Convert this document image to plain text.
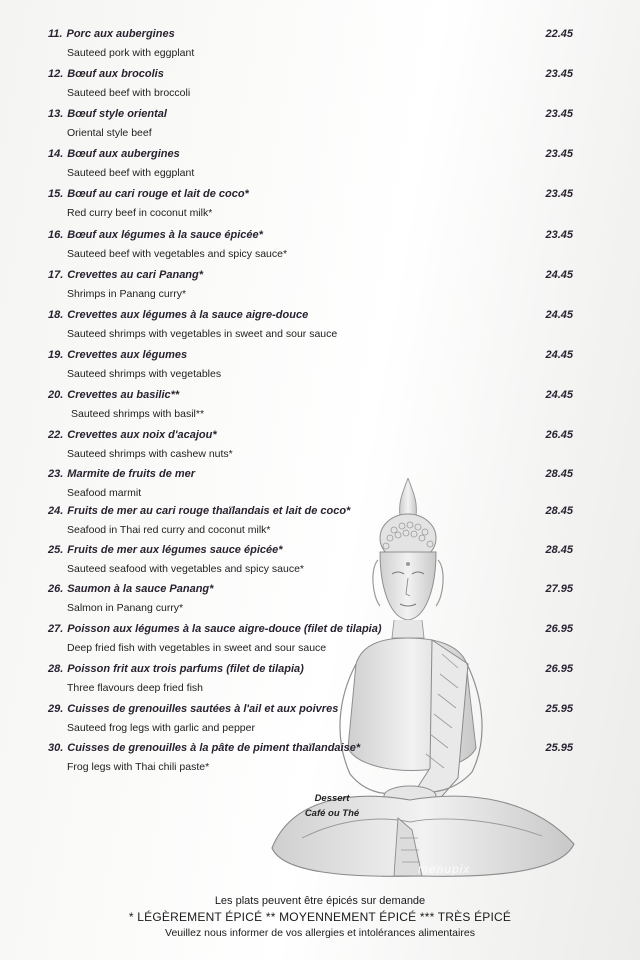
11. Porc aux aubergines
Sauteed pork with eggplant
22.45
12. Bœuf aux brocolis
Sauteed beef with broccoli
23.45
13. Bœuf style oriental
Oriental style beef
23.45
14. Bœuf aux aubergines
Sauteed beef with eggplant
23.45
15. Bœuf au cari rouge et lait de coco*
Red curry beef in coconut milk*
23.45
16. Bœuf aux légumes à la sauce épicée*
Sauteed beef with vegetables and spicy sauce*
23.45
17. Crevettes au cari Panang*
Shrimps in Panang curry*
24.45
18. Crevettes aux légumes à la sauce aigre-douce
Sauteed shrimps with vegetables in sweet and sour sauce
24.45
19. Crevettes aux légumes
Sauteed shrimps with vegetables
24.45
20. Crevettes au basilic**
Sauteed shrimps with basil**
24.45
22. Crevettes aux noix d'acajou*
Sauteed shrimps with cashew nuts*
26.45
23. Marmite de fruits de mer
Seafood marmit
28.45
24. Fruits de mer au cari rouge thaïlandais et lait de coco*
Seafood in Thai red curry and coconut milk*
28.45
25. Fruits de mer aux légumes sauce épicée*
Sauteed seafood with vegetables and spicy sauce*
28.45
26. Saumon à la sauce Panang*
Salmon in Panang curry*
27.95
27. Poisson aux légumes à la sauce aigre-douce (filet de tilapia)
Deep fried fish with vegetables in sweet and sour sauce
26.95
28. Poisson frit aux trois parfums (filet de tilapia)
Three flavours deep fried fish
26.95
29. Cuisses de grenouilles sautées à l'ail et aux poivres
Sauteed frog legs with garlic and pepper
25.95
30. Cuisses de grenouilles à la pâte de piment thaïlandaise*
Frog legs with Thai chili paste*
25.95
Dessert
Café ou Thé
menupix
Les plats peuvent être épicés sur demande
* LÉGÈREMENT ÉPICÉ ** MOYENNEMENT ÉPICÉ *** TRÈS ÉPICÉ
Veuillez nous informer de vos allergies et intolérances alimentaires
